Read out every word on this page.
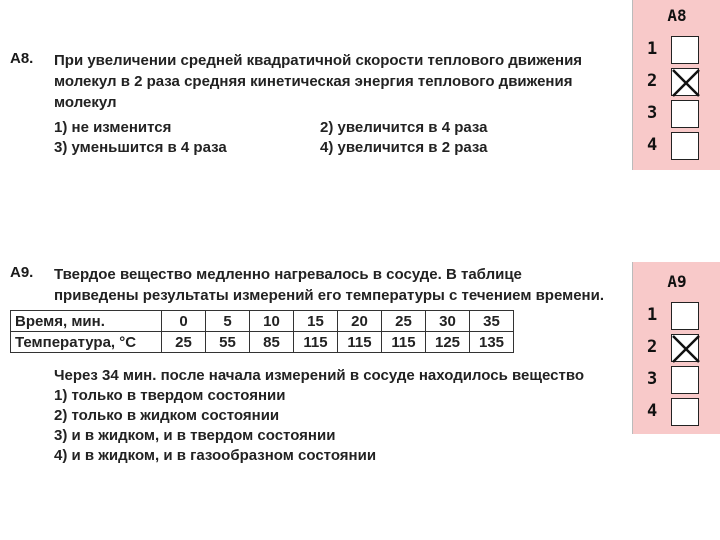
А8. При увеличении средней квадратичной скорости теплового движения молекул в 2 раза средняя кинетическая энергия теплового движения молекул
1) не изменится	2) увеличится в 4 раза
3) уменьшится в 4 раза	4) увеличится в 2 раза
А8
1
2
3
4
А9. Твердое вещество медленно нагревалось в сосуде. В таблице приведены результаты измерений его температуры с течением времени.
Время, мин.	0	5	10	15	20	25	30	35
Температура, °С	25	55	85	115	115	115	125	135
Через 34 мин. после начала измерений в сосуде находилось вещество
1) только в твердом состоянии
2) только в жидком состоянии
3) и в жидком, и в твердом состоянии
4) и в жидком, и в газообразном состоянии
А9
1
2
3
4
